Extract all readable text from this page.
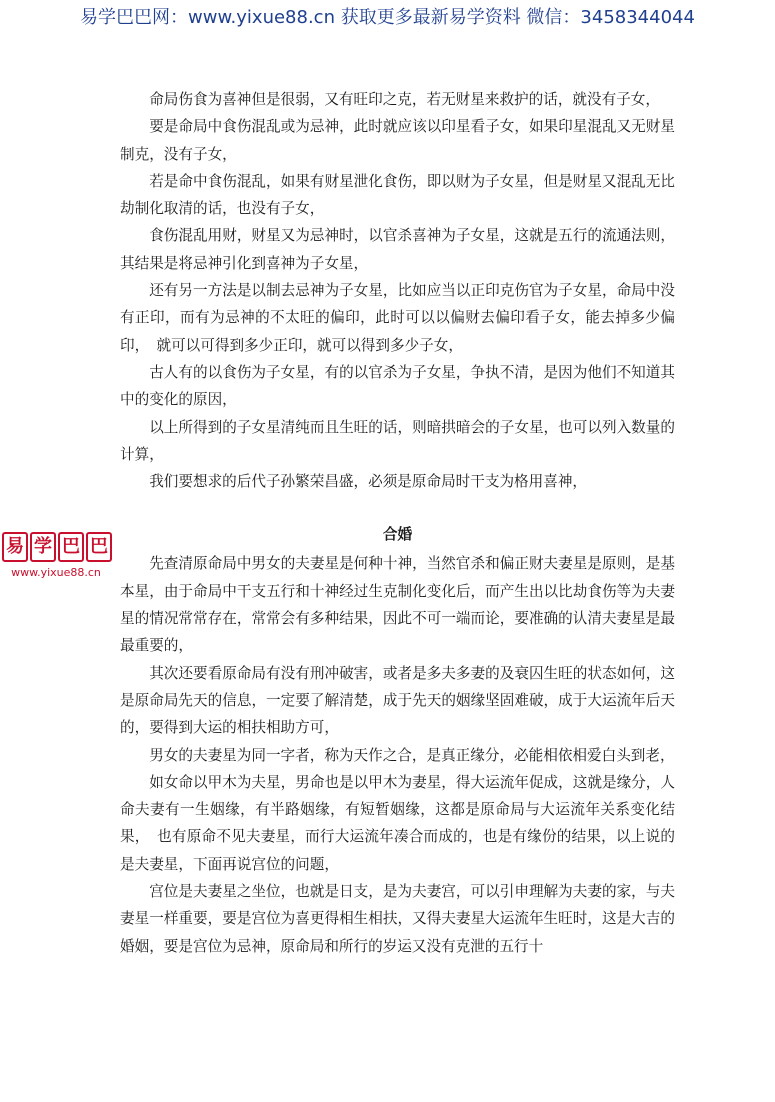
易学巴巴网：www.yixue88.cn 获取更多最新易学资料 微信：3458344044

命局伤食为喜神但是很弱，又有旺印之克，若无财星来救护的话，就没有子女，

要是命局中食伤混乱或为忌神，此时就应该以印星看子女，如果印星混乱又无财星制克，没有子女，

若是命中食伤混乱，如果有财星泄化食伤，即以财为子女星，但是财星又混乱无比劫制化取清的话，也没有子女，

食伤混乱用财，财星又为忌神时，以官杀喜神为子女星，这就是五行的流通法则，其结果是将忌神引化到喜神为子女星，

还有另一方法是以制去忌神为子女星，比如应当以正印克伤官为子女星，命局中没有正印，而有为忌神的不太旺的偏印，此时可以以偏财去偏印看子女，能去掉多少偏印，　就可以可得到多少正印，就可以得到多少子女，

古人有的以食伤为子女星，有的以官杀为子女星，争执不清，是因为他们不知道其中的变化的原因，

以上所得到的子女星清纯而且生旺的话，则暗拱暗会的子女星，也可以列入数量的计算，

我们要想求的后代子孙繁荣昌盛，必须是原命局时干支为格用喜神，

合婚

先查清原命局中男女的夫妻星是何种十神，当然官杀和偏正财夫妻星是原则，是基本星，由于命局中干支五行和十神经过生克制化变化后，而产生出以比劫食伤等为夫妻星的情况常常存在，常常会有多种结果，因此不可一端而论，要准确的认清夫妻星是最最重要的，

其次还要看原命局有没有刑冲破害，或者是多夫多妻的及衰囚生旺的状态如何，这是原命局先天的信息，一定要了解清楚，成于先天的姻缘坚固难破，成于大运流年后天的，要得到大运的相扶相助方可，

男女的夫妻星为同一字者，称为天作之合，是真正缘分，必能相依相爱白头到老，

如女命以甲木为夫星，男命也是以甲木为妻星，得大运流年促成，这就是缘分，人命夫妻有一生姻缘，有半路姻缘，有短暂姻缘，这都是原命局与大运流年关系变化结果，　也有原命不见夫妻星，而行大运流年凑合而成的，也是有缘份的结果，以上说的是夫妻星，下面再说宫位的问题，

宫位是夫妻星之坐位，也就是日支，是为夫妻宫，可以引申理解为夫妻的家，与夫妻星一样重要，要是宫位为喜更得相生相扶，又得夫妻星大运流年生旺时，这是大吉的婚姻，要是宫位为忌神，原命局和所行的岁运又没有克泄的五行十

易 学 巴 巴
www.yixue88.cn
